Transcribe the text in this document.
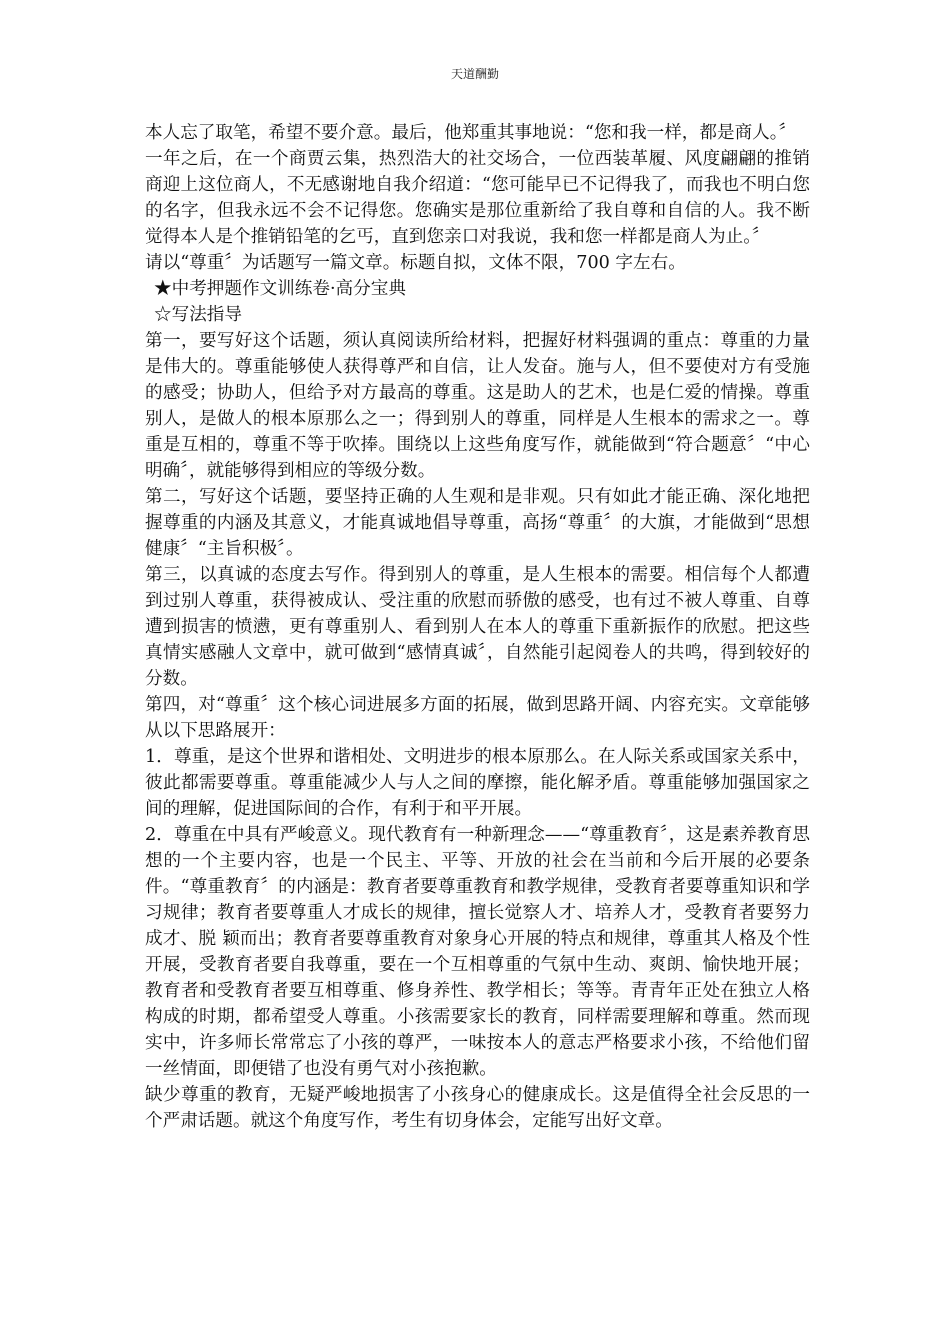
天道酬勤

本人忘了取笔，希望不要介意。最后，他郑重其事地说：“您和我一样，都是商人。〞

一年之后，在一个商贾云集，热烈浩大的社交场合，一位西装革履、风度翩翩的推销商迎上这位商人，不无感谢地自我介绍道：“您可能早已不记得我了，而我也不明白您的名字，但我永远不会不记得您。您确实是那位重新给了我自尊和自信的人。我不断觉得本人是个推销铅笔的乞丐，直到您亲口对我说，我和您一样都是商人为止。〞

请以“尊重〞为话题写一篇文章。标题自拟，文体不限，700 字左右。

★中考押题作文训练卷·高分宝典

☆写法指导

第一，要写好这个话题，须认真阅读所给材料，把握好材料强调的重点：尊重的力量是伟大的。尊重能够使人获得尊严和自信，让人发奋。施与人，但不要使对方有受施的感受；协助人，但给予对方最高的尊重。这是助人的艺术，也是仁爱的情操。尊重别人，是做人的根本原那么之一；得到别人的尊重，同样是人生根本的需求之一。尊重是互相的，尊重不等于吹捧。围绕以上这些角度写作，就能做到“符合题意〞“中心明确〞，就能够得到相应的等级分数。

第二，写好这个话题，要坚持正确的人生观和是非观。只有如此才能正确、深化地把握尊重的内涵及其意义，才能真诚地倡导尊重，高扬“尊重〞的大旗，才能做到“思想健康〞“主旨积极〞。

第三，以真诚的态度去写作。得到别人的尊重，是人生根本的需要。相信每个人都遭到过别人尊重，获得被成认、受注重的欣慰而骄傲的感受，也有过不被人尊重、自尊遭到损害的愤懑，更有尊重别人、看到别人在本人的尊重下重新振作的欣慰。把这些真情实感融人文章中，就可做到“感情真诚〞，自然能引起阅卷人的共鸣，得到较好的分数。

第四，对“尊重〞这个核心词进展多方面的拓展，做到思路开阔、内容充实。文章能够从以下思路展开：

1．尊重，是这个世界和谐相处、文明进步的根本原那么。在人际关系或国家关系中，彼此都需要尊重。尊重能减少人与人之间的摩擦，能化解矛盾。尊重能够加强国家之间的理解，促进国际间的合作，有利于和平开展。

2．尊重在中具有严峻意义。现代教育有一种新理念——“尊重教育〞，这是素养教育思想的一个主要内容，也是一个民主、平等、开放的社会在当前和今后开展的必要条件。“尊重教育〞的内涵是：教育者要尊重教育和教学规律，受教育者要尊重知识和学习规律；教育者要尊重人才成长的规律，擅长觉察人才、培养人才，受教育者要努力成才、脱 颖而出；教育者要尊重教育对象身心开展的特点和规律，尊重其人格及个性开展，受教育者要自我尊重，要在一个互相尊重的气氛中生动、爽朗、愉快地开展；教育者和受教育者要互相尊重、修身养性、教学相长；等等。青青年正处在独立人格构成的时期，都希望受人尊重。小孩需要家长的教育，同样需要理解和尊重。然而现实中，许多师长常常忘了小孩的尊严，一味按本人的意志严格要求小孩，不给他们留一丝情面，即便错了也没有勇气对小孩抱歉。

缺少尊重的教育，无疑严峻地损害了小孩身心的健康成长。这是值得全社会反思的一个严肃话题。就这个角度写作，考生有切身体会，定能写出好文章。
